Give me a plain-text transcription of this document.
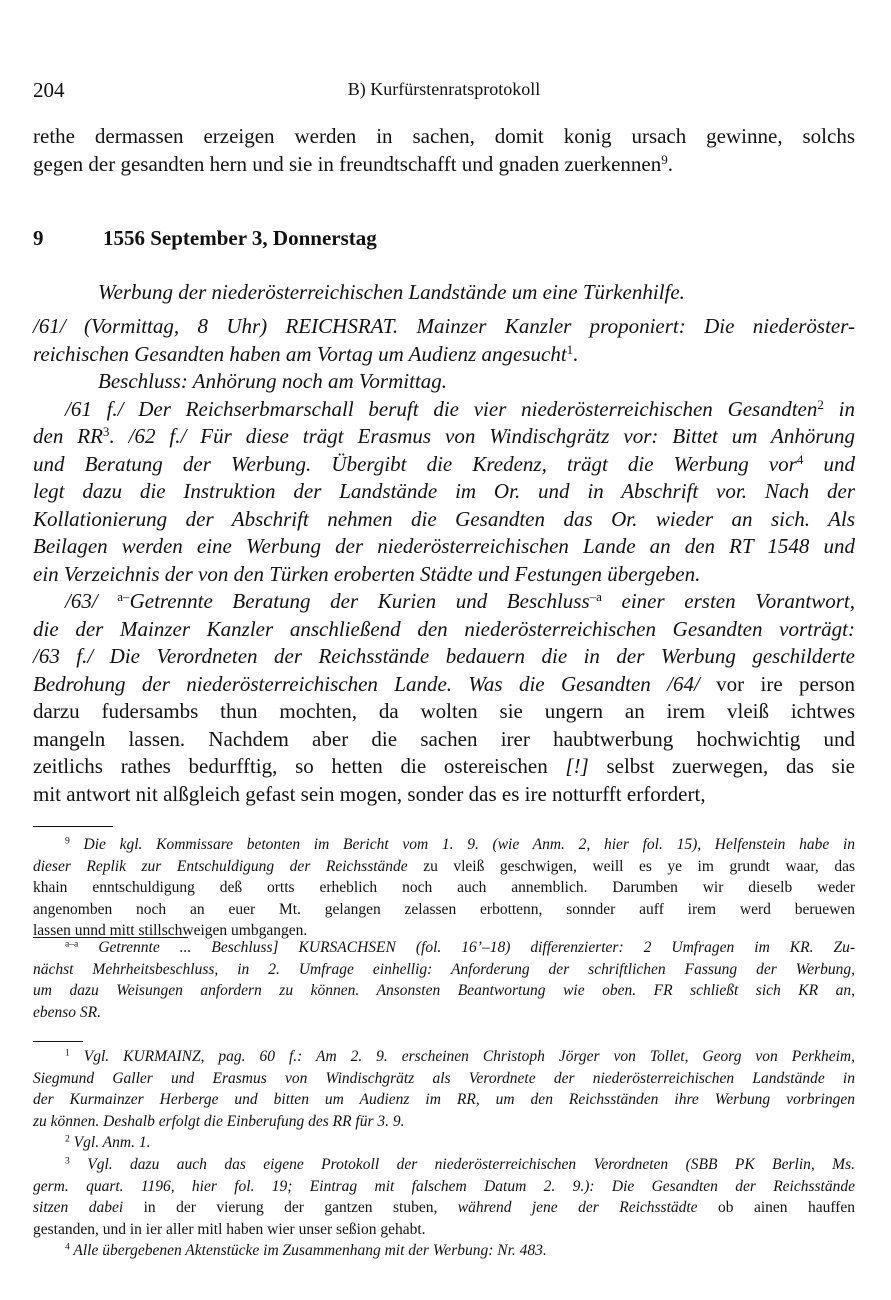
204	B) Kurfürstenratsprotokoll
rethe dermassen erzeigen werden in sachen, domit konig ursach gewinne, solchs
gegen der gesandten hern und sie in freundtschafft und gnaden zuerkennen$^9$.
9	1556 September 3, Donnerstag
Werbung der niederösterreichischen Landstände um eine Türkenhilfe.
/61/ (Vormittag, 8 Uhr) REICHSRAT. Mainzer Kanzler proponiert: Die niederöster-
reichischen Gesandten haben am Vortag um Audienz angesucht$^1$.
Beschluss: Anhörung noch am Vormittag.
/61 f./ Der Reichserbmarschall beruft die vier niederösterreichischen Gesandten$^2$ in
den $RR^3$. /62 f./ Für diese trägt Erasmus von Windischgrätz vor: Bittet um Anhörung
und Beratung der Werbung. Übergibt die Kredenz, trägt die Werbung vor$^4$ und
legt dazu die Instruktion der Landstände im Or. und in Abschrift vor. Nach der
Kollationierung der Abschrift nehmen die Gesandten das Or. wieder an sich. Als
Beilagen werden eine Werbung der niederösterreichischen Lande an den RT 1548 und
ein Verzeichnis der von den Türken eroberten Städte und Festungen übergeben.
/63/ $^{a-}$Getrennte Beratung der Kurien und Beschluss$^{-a}$ einer ersten Vorantwort,
die der Mainzer Kanzler anschließend den niederösterreichischen Gesandten vorträgt:
/63 f./ Die Verordneten der Reichsstände bedauern die in der Werbung geschilderte
Bedrohung der niederösterreichischen Lande. Was die Gesandten /64/ vor ire person
darzu fudersambs thun mochten, da wolten sie ungern an irem vleiß ichtwes
mangeln lassen. Nachdem aber die sachen irer haubtwerbung hochwichtig und
zeitlichs rathes bedurfftig, so hetten die ostereischen [!] selbst zuerwegen, das sie
mit antwort nit alßgleich gefast sein mogen, sonder das es ire notturfft erfordert,
$^9$ Die kgl. Kommissare betonten im Bericht vom 1. 9. (wie Anm. 2, hier fol. 15), Helfenstein habe in
dieser Replik zur Entschuldigung der Reichsstände zu vleiß geschwigen, weill es ye im grundt waar, das
khain enntschuldigung deß ortts erheblich noch auch annemblich. Darumben wir dieselb weder
angenomben noch an euer Mt. gelangen zelassen erbottenn, sonnder auff irem werd beruewen
lassen unnd mitt stillschweigen umbgangen.
$^{a-a}$ Getrennte ... Beschluss] KURSACHSEN (fol. 16’–18) differenzierter: 2 Umfragen im KR. Zu-
nächst Mehrheitsbeschluss, in 2. Umfrage einhellig: Anforderung der schriftlichen Fassung der Werbung,
um dazu Weisungen anfordern zu können. Ansonsten Beantwortung wie oben. FR schließt sich KR an,
ebenso SR.
$^1$ Vgl. KURMAINZ, pag. 60 f.: Am 2. 9. erscheinen Christoph Jörger von Tollet, Georg von Perkheim,
Siegmund Galler und Erasmus von Windischgrätz als Verordnete der niederösterreichischen Landstände in
der Kurmainzer Herberge und bitten um Audienz im RR, um den Reichsständen ihre Werbung vorbringen
zu können. Deshalb erfolgt die Einberufung des RR für 3. 9.
$^2$ Vgl. Anm. 1.
$^3$ Vgl. dazu auch das eigene Protokoll der niederösterreichischen Verordneten (SBB PK Berlin, Ms.
germ. quart. 1196, hier fol. 19; Eintrag mit falschem Datum 2. 9.): Die Gesandten der Reichsstände
sitzen dabei in der vierung der gantzen stuben, während jene der Reichsstädte ob ainen hauffen
gestanden, und in ier aller mitl haben wier unser seßion gehabt.
$^4$ Alle übergebenen Aktenstücke im Zusammenhang mit der Werbung: Nr. 483.
